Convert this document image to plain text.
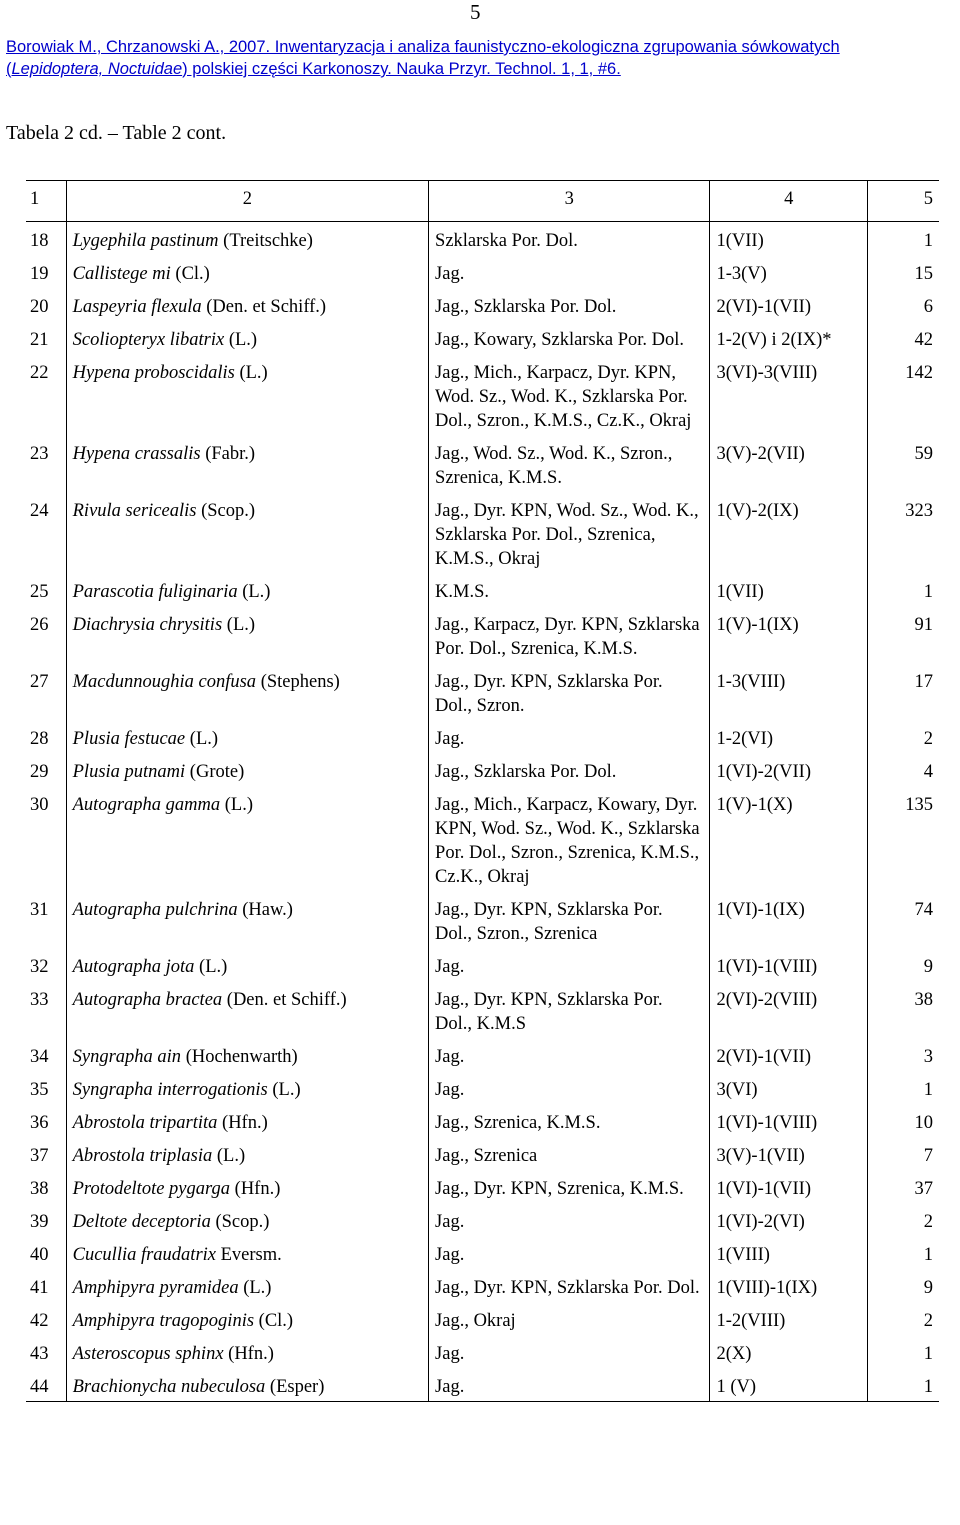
5
Borowiak M., Chrzanowski A., 2007. Inwentaryzacja i analiza faunistyczno-ekologiczna zgrupowania sówkowatych
(Lepidoptera, Noctuidae) polskiej części Karkonoszy. Nauka Przyr. Technol. 1, 1, #6.
Tabela 2 cd. – Table 2 cont.
1	2	3	4	5
18	Lygephila pastinum (Treitschke)	Szklarska Por. Dol.	1(VII)	1
19	Callistege mi (Cl.)	Jag.	1-3(V)	15
20	Laspeyria flexula (Den. et Schiff.)	Jag., Szklarska Por. Dol.	2(VI)-1(VII)	6
21	Scoliopteryx libatrix (L.)	Jag., Kowary, Szklarska Por. Dol.	1-2(V) i 2(IX)*	42
22	Hypena proboscidalis (L.)	Jag., Mich., Karpacz, Dyr. KPN, Wod. Sz., Wod. K., Szklarska Por. Dol., Szron., K.M.S., Cz.K., Okraj	3(VI)-3(VIII)	142
23	Hypena crassalis (Fabr.)	Jag., Wod. Sz., Wod. K., Szron., Szrenica, K.M.S.	3(V)-2(VII)	59
24	Rivula sericealis (Scop.)	Jag., Dyr. KPN, Wod. Sz., Wod. K., Szklarska Por. Dol., Szrenica, K.M.S., Okraj	1(V)-2(IX)	323
25	Parascotia fuliginaria (L.)	K.M.S.	1(VII)	1
26	Diachrysia chrysitis (L.)	Jag., Karpacz, Dyr. KPN, Szklarska Por. Dol., Szrenica, K.M.S.	1(V)-1(IX)	91
27	Macdunnoughia confusa (Stephens)	Jag., Dyr. KPN, Szklarska Por. Dol., Szron.	1-3(VIII)	17
28	Plusia festucae (L.)	Jag.	1-2(VI)	2
29	Plusia putnami (Grote)	Jag., Szklarska Por. Dol.	1(VI)-2(VII)	4
30	Autographa gamma (L.)	Jag., Mich., Karpacz, Kowary, Dyr. KPN, Wod. Sz., Wod. K., Szklarska Por. Dol., Szron., Szrenica, K.M.S., Cz.K., Okraj	1(V)-1(X)	135
31	Autographa pulchrina (Haw.)	Jag., Dyr. KPN, Szklarska Por. Dol., Szron., Szrenica	1(VI)-1(IX)	74
32	Autographa jota (L.)	Jag.	1(VI)-1(VIII)	9
33	Autographa bractea (Den. et Schiff.)	Jag., Dyr. KPN, Szklarska Por. Dol., K.M.S	2(VI)-2(VIII)	38
34	Syngrapha ain (Hochenwarth)	Jag.	2(VI)-1(VII)	3
35	Syngrapha interrogationis (L.)	Jag.	3(VI)	1
36	Abrostola tripartita (Hfn.)	Jag., Szrenica, K.M.S.	1(VI)-1(VIII)	10
37	Abrostola triplasia (L.)	Jag., Szrenica	3(V)-1(VII)	7
38	Protodeltote pygarga (Hfn.)	Jag., Dyr. KPN, Szrenica, K.M.S.	1(VI)-1(VII)	37
39	Deltote deceptoria (Scop.)	Jag.	1(VI)-2(VI)	2
40	Cucullia fraudatrix Eversm.	Jag.	1(VIII)	1
41	Amphipyra pyramidea (L.)	Jag., Dyr. KPN, Szklarska Por. Dol.	1(VIII)-1(IX)	9
42	Amphipyra tragopoginis (Cl.)	Jag., Okraj	1-2(VIII)	2
43	Asteroscopus sphinx (Hfn.)	Jag.	2(X)	1
44	Brachionycha nubeculosa (Esper)	Jag.	1 (V)	1
